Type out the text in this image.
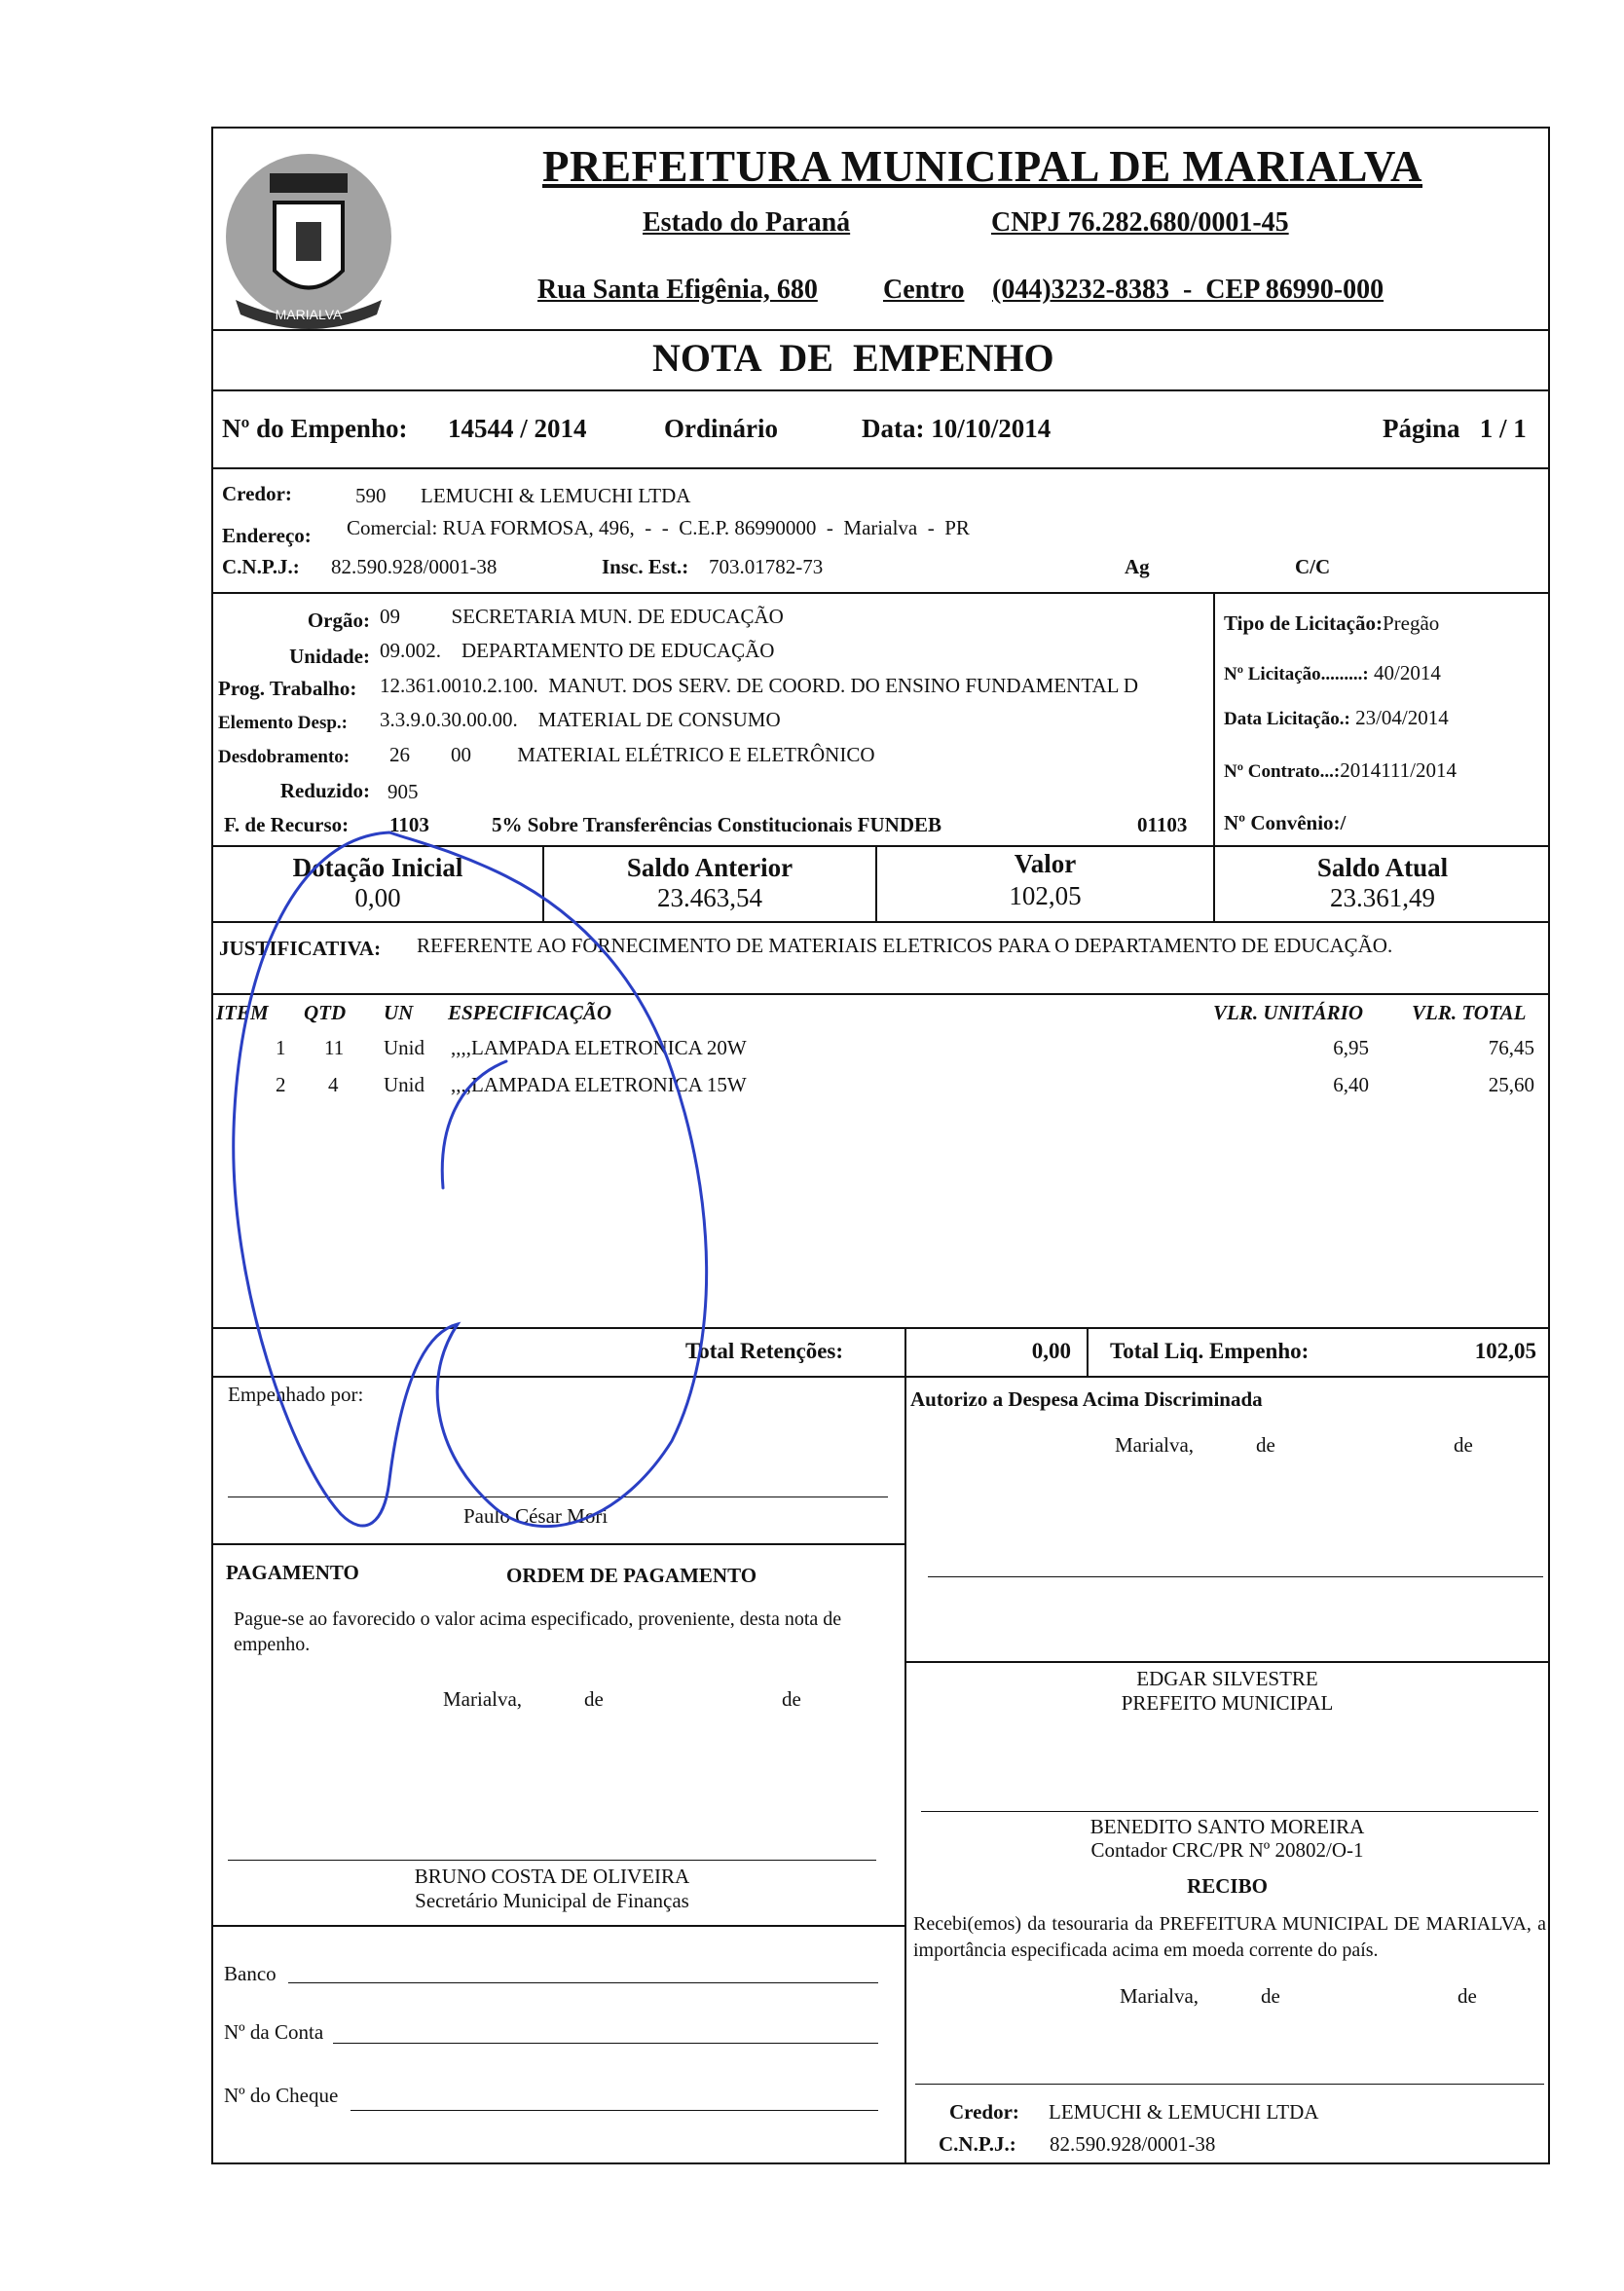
MARIALVA
PREFEITURA MUNICIPAL DE MARIALVA
Estado do Paraná	CNPJ 76.282.680/0001-45
Rua Santa Efigênia, 680 Centro (044)3232-8383  -  CEP 86990-000
NOTA  DE  EMPENHO
Nº do Empenho: 14544 / 2014	Ordinário	Data: 10/10/2014	Página   1 / 1
Credor:	590 LEMUCHI & LEMUCHI LTDA
Endereço: Comercial: RUA FORMOSA, 496,  -  -  C.E.P. 86990000  -  Marialva  -  PR
C.N.P.J.: 82.590.928/0001-38	Insc. Est.: 703.01782-73	Ag	C/C
Orgão: 09          SECRETARIA MUN. DE EDUCAÇÃO
Unidade: 09.002.    DEPARTAMENTO DE EDUCAÇÃO
Prog. Trabalho: 12.361.0010.2.100.  MANUT. DOS SERV. DE COORD. DO ENSINO FUNDAMENTAL D
Elemento Desp.: 3.3.9.0.30.00.00.    MATERIAL DE CONSUMO
Desdobramento: 26        00         MATERIAL ELÉTRICO E ELETRÔNICO
Reduzido: 905
F. de Recurso: 1103	5% Sobre Transferências Constitucionais FUNDEB	01103
Tipo de Licitação:Pregão
Nº Licitação.........: 40/2014
Data Licitação.: 23/04/2014
Nº Contrato...:2014111/2014
Nº Convênio:/
Dotação Inicial
0,00
Saldo Anterior
23.463,54
Valor
102,05
Saldo Atual
23.361,49
JUSTIFICATIVA: REFERENTE AO FORNECIMENTO DE MATERIAIS ELETRICOS PARA O DEPARTAMENTO DE EDUCAÇÃO.
ITEM QTD UN ESPECIFICAÇÃO	VLR. UNITÁRIO VLR. TOTAL
1 11 Unid ,,,,LAMPADA ELETRONICA 20W	6,95	76,45
2 4 Unid ,,,,LAMPADA ELETRONICA 15W	6,40	25,60
Total Retenções:	0,00 Total Liq. Empenho:	102,05
Empenhado por:
Paulo César Mori
Autorizo a Despesa Acima Discriminada
Marialva,	de	de
PAGAMENTO	ORDEM DE PAGAMENTO
Pague-se ao favorecido o valor acima especificado, proveniente, desta nota de empenho.
Marialva,	de	de
EDGAR SILVESTRE
PREFEITO MUNICIPAL
BENEDITO SANTO MOREIRA
Contador CRC/PR Nº 20802/O-1
BRUNO COSTA DE OLIVEIRA
Secretário Municipal de Finanças
RECIBO
Recebi(emos) da tesouraria da PREFEITURA MUNICIPAL DE MARIALVA, a importância especificada acima em moeda corrente do país.
Marialva,	de	de
Banco
Nº da Conta
Nº do Cheque
Credor: LEMUCHI & LEMUCHI LTDA
C.N.P.J.: 82.590.928/0001-38
